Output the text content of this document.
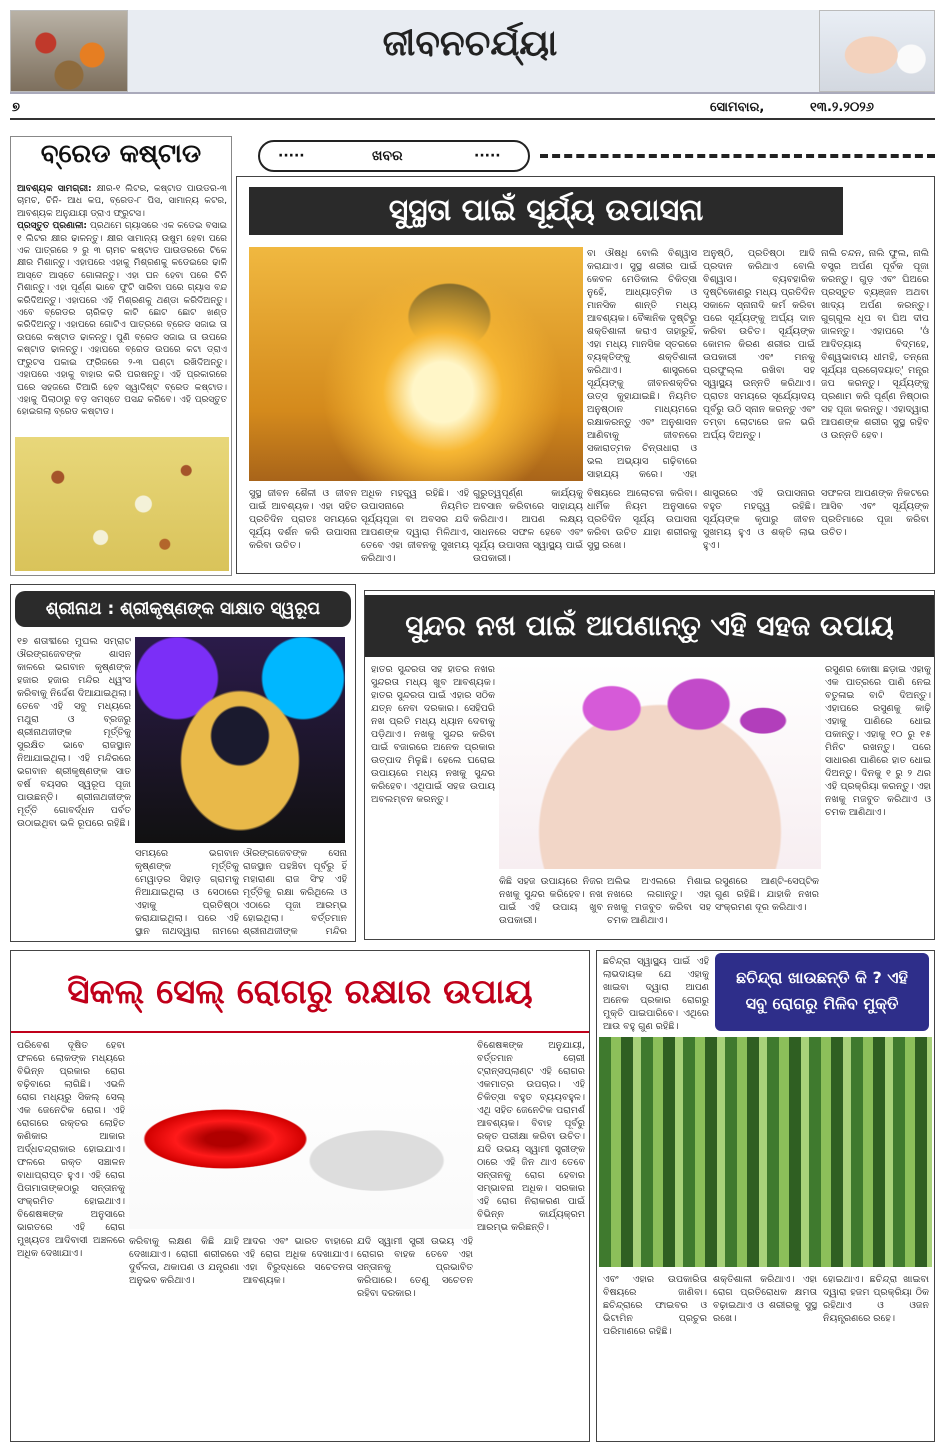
ଜୀବନଚର୍ଯ୍ୟା
୭	ସୋମବାର,	୧୩.୨.୨୦୨୬
ବ୍ରେଡ କଷ୍ଟାଡ
ଆବଶ୍ୟକ ସାମଗ୍ରୀ: କ୍ଷୀର-୧ ଲିଟର, କଷ୍ଟାଡ ପାଉଡର-୩ ଚାମଚ, ଚିନି- ଆଧ କପ, ବ୍ରେଡ-୮ ପିସ, ସାମାନ୍ୟ କଟର, ଆବଶ୍ୟକ ଅନୁଯାୟୀ ଡ୍ରାଏ ଫ୍ରୁଟସ।
ପ୍ରସ୍ତୁତ ପ୍ରଣାଳୀ: ପ୍ରଥମେ ଗ୍ୟାସରେ ଏକ କଡେଇ ବସାଇ ୧ ଲିଟର କ୍ଷୀର ଢାଳନ୍ତୁ। କ୍ଷୀର ସାମାନ୍ୟ ଉଷୁମ ହେବା ପରେ ଏକ ପାତ୍ରରେ ୨ ରୁ ୩ ଚାମଚ କଷ୍ଟାଡ ପାଉଡରରେ ଟିକେ କ୍ଷୀର ମିଶାନ୍ତୁ। ଏହାପରେ ଏହାକୁ ମିଶ୍ରଣକୁ କଡେଇରେ ଢାଳି ଆସ୍ତେ ଆସ୍ତେ ଗୋଳାନ୍ତୁ। ଏହା ଘନ ହେବା ପରେ ଚିନି ମିଶାନ୍ତୁ। ଏହା ପୂର୍ଣ୍ଣ ଭାବେ ଫୁଟି ସାରିବା ପରେ ଗ୍ୟାସ ବନ୍ଦ କରିଦିଅନ୍ତୁ। ଏହାପରେ ଏହି ମିଶ୍ରଣକୁ ଥଣ୍ଡା କରିଦିଅନ୍ତୁ। ଏବେ ବ୍ରେଡର ଚାରିକଡ଼ କାଟି ଛୋଟ ଛୋଟ ଖଣ୍ଡ କରିଦିଅନ୍ତୁ। ଏହାପରେ ଗୋଟିଏ ପାତ୍ରରେ ବ୍ରେଡ ସଜାଇ ତା ଉପରେ କଷ୍ଟାଡ ଢାଳନ୍ତୁ। ପୁଣି ବ୍ରେଡ ସଜାଇ ତା ଉପରେ କଷ୍ଟାଡ ଢାଳନ୍ତୁ। ଏହାପରେ ବ୍ରେଡ ଉପରେ କଟା ଡ୍ରାଏ ଫ୍ରୁଟସ ପକାଇ ଫ୍ରିଜରେ ୨-୩ ଘଣ୍ଟା ରଖିଦିଅନ୍ତୁ। ଏହାପରେ ଏହାକୁ ବାହାର କରି ପରଷନ୍ତୁ। ଏହି ପ୍ରକାରରେ ଘରେ ସହଜରେ ତିଆରି ହେବ ସ୍ୱାଦିଷ୍ଟ ବ୍ରେଡ କଷ୍ଟାଡ। ଏହାକୁ ପିଲାଠାରୁ ବଡ଼ ସମସ୍ତେ ପସନ୍ଦ କରିବେ। ଏହି ପ୍ରସ୍ତୁତ ହୋଇଗଲା ବ୍ରେଡ କଷ୍ଟାଡ।
·····	ଖବର	·····
ସୁସ୍ଥତା ପାଇଁ ସୂର୍ଯ୍ୟ ଉପାସନା
ବା ଔଷଧି ବୋଲି ବିଶ୍ୱାସ କରାଯାଏ। ସୁସ୍ଥ ଶରୀର ପାଇଁ କେବଳ ମେଡିକାଲ ଚିକିତ୍ସା ନୁହେଁ, ଆଧ୍ୟାତ୍ମିକ ଓ ମାନସିକ ଶାନ୍ତି ମଧ୍ୟ ଆବଶ୍ୟକ। ବୈଜ୍ଞାନିକ ଦୃଷ୍ଟିରୁ ଶକ୍ତିଶାଳୀ କରାଏ ତାହାରୁହିଁ, ଏହା ମଧ୍ୟ ମାନସିକ ସ୍ତରରେ ବ୍ୟକ୍ତିଙ୍କୁ ଶକ୍ତିଶାଳୀ କରିଥାଏ। ଶାସ୍ତ୍ରରେ ସୂର୍ଯ୍ୟଙ୍କୁ ଜୀବନଶକ୍ତିର ଉତ୍ସ କୁହାଯାଇଛି। ନିୟମିତ ଅନୁଷ୍ଠାନ ମାଧ୍ୟମରେ ରକ୍ଷାକରନ୍ତୁ ଏବଂ ଅନୁଶାସନ ଆଣିବାକୁ ଜୀବନରେ ସକାରାତ୍ମକ ଚିନ୍ତାଧାରା ଓ ଭଲ ଅଭ୍ୟାସ ଗଢ଼ିବାରେ ସାହାଯ୍ୟ କରେ। ଏହା
ଅନୁଷ୍ଠି, ପ୍ରତିଷ୍ଠା ଆଦି ପ୍ରଦାନ କରିଥାଏ ବୋଲି ବିଶ୍ୱାସ। ବ୍ୟବହାରିକ ଦୃଷ୍ଟିକୋଣରୁ ମଧ୍ୟ ପ୍ରତିଦିନ ସକାଳେ ସ୍ନାନାଦି କର୍ମ କରିବା ପରେ ସୂର୍ଯ୍ୟଙ୍କୁ ଅର୍ଘ୍ୟ ଦାନ କରିବା ଉଚିତ। ସୂର୍ଯ୍ୟଙ୍କ କୋମଳ କିରଣ ଶରୀର ପାଇଁ ଉପକାରୀ ଏବଂ ମନକୁ ପ୍ରଫୁଲ୍ଲ ରଖିବା ସହ ସ୍ୱାସ୍ଥ୍ୟ ଉନ୍ନତି କରିଥାଏ। ପ୍ରାତଃ ସମୟରେ ସୂର୍ଯ୍ୟୋଦୟ ପୂର୍ବରୁ ଉଠି ସ୍ନାନ କରନ୍ତୁ ଏବଂ ତମ୍ବା ଲୋଟାରେ ଜଳ ଭରି ଅର୍ଘ୍ୟ ଦିଅନ୍ତୁ।
ନାଲି ଚନ୍ଦନ, ନାଲି ଫୁଲ, ନାଲି ବସ୍ତ୍ର ଅର୍ପଣ ପୂର୍ବକ ପୂଜା କରନ୍ତୁ। ଗୁଡ଼ ଏବଂ ଘିଅରେ ପ୍ରସ୍ତୁତ ବ୍ୟଞ୍ଜନ ଅଥବା ଖାଦ୍ୟ ଅର୍ପଣ କରନ୍ତୁ। ଗୁଗ୍ଗୁଲ ଧୂପ ବା ଘିଅ ଦୀପ ଜାଳନ୍ତୁ। ଏହାପରେ 'ଓଁ ଆଦିତ୍ୟାୟ ବିଦ୍ମହେ, ବିଶ୍ୱଭାବାୟ ଧୀମହି, ତନ୍ନୋ ସୂର୍ଯ୍ୟଃ ପ୍ରଚୋଦୟାତ୍' ମନ୍ତ୍ର ଜପ କରନ୍ତୁ। ସୂର୍ଯ୍ୟଙ୍କୁ ପ୍ରଣାମ କରି ପୂର୍ଣ୍ଣ ନିଷ୍ଠାର ସହ ପୂଜା କରନ୍ତୁ। ଏହାଦ୍ୱାରା ଆପଣଙ୍କ ଶରୀର ସୁସ୍ଥ ରହିବ ଓ ଉନ୍ନତି ହେବ।
ସୁସ୍ଥ ଜୀବନ ଶୈଳୀ ଓ ଜୀବନ ପାଇଁ ଆବଶ୍ୟକ। ଏହା ସହିତ ପ୍ରତିଦିନ ପ୍ରାତଃ ସମୟରେ ସୂର୍ଯ୍ୟ ଦର୍ଶନ କରି ଉପାସନା କରିବା ଉଚିତ।
ଅଧିକ ମହତ୍ତ୍ୱ ରହିଛି। ଏହି ଉପାସନାରେ ନିୟମିତ ସୂର୍ଯ୍ୟପୂଜା ବା ଅବସର ଯଦି ଆପଣଙ୍କ ଦ୍ୱାରା ମିଳିଥାଏ, ତେବେ ଏହା ଜୀବନକୁ ସୁଖମୟ କରିଥାଏ।
ଗୁରୁତ୍ୱପୂର୍ଣ୍ଣ କାର୍ଯ୍ୟକୁ ଅବସାନ କରିବାରେ ସାହାଯ୍ୟ କରିଥାଏ। ଆପଣ ଲକ୍ଷ୍ୟ ସାଧନରେ ସଫଳ ହେବେ ଏବଂ ସୂର୍ଯ୍ୟ ଉପାସନା ସ୍ୱାସ୍ଥ୍ୟ ପାଇଁ ଉପକାରୀ।
ବିଷୟରେ ଆଲୋଚନା କରିବା। ଧାର୍ମିକ ନିୟମ ଅନୁସାରେ ପ୍ରତିଦିନ ସୂର୍ଯ୍ୟ ଉପାସନା କରିବା ଉଚିତ ଯାହା ଶରୀରକୁ ସୁସ୍ଥ ରଖେ।
ଶାସ୍ତ୍ରରେ ଏହି ଉପାସନାର ବହୁତ ମହତ୍ତ୍ୱ ରହିଛି। ସୂର୍ଯ୍ୟଙ୍କ କୃପାରୁ ଜୀବନ ସୁଖମୟ ହୁଏ ଓ ଶକ୍ତି ଲାଭ ହୁଏ।
ସଫଳତା ଆପଣଙ୍କ ନିକଟରେ ଆସିବ ଏବଂ ସୂର୍ଯ୍ୟଙ୍କ ପ୍ରତିମାରେ ପୂଜା କରିବା ଉଚିତ।
ଶ୍ରୀନାଥ : ଶ୍ରୀକୃଷ୍ଣଙ୍କ ସାକ୍ଷାତ ସ୍ୱରୂପ
୧୭ ଶତାବ୍ଦୀରେ ମୁଘଲ ସମ୍ରାଟ ଔରଙ୍ଗଜେବଙ୍କ ଶାସନ କାଳରେ ଭଗବାନ କୃଷ୍ଣଙ୍କ ହଜାର ହଜାର ମନ୍ଦିର ଧ୍ୱଂସ କରିବାକୁ ନିର୍ଦ୍ଦେଶ ଦିଆଯାଇଥିଲା। ତେବେ ଏହି ସବୁ ମଧ୍ୟରେ ମଥୁରା ଓ ବ୍ରଜରୁ ଶ୍ରୀନାଥଜୀଙ୍କ ମୂର୍ତ୍ତିକୁ ସୁରକ୍ଷିତ ଭାବେ ରାଜସ୍ଥାନ ନିଆଯାଇଥିଲା। ଏହି ମନ୍ଦିରରେ ଭଗବାନ ଶ୍ରୀକୃଷ୍ଣଙ୍କ ସାତ ବର୍ଷ ବୟସର ସ୍ୱରୂପ ପୂଜା ପାଉଛନ୍ତି। ଶ୍ରୀନାଥଜୀଙ୍କ ମୂର୍ତ୍ତି ଗୋବର୍ଦ୍ଧନ ପର୍ବତ ଉଠାଇଥିବା ଭଳି ରୂପରେ ରହିଛି।
ସମୟରେ ଭଗବାନ କୃଷ୍ଣଙ୍କ ମୂର୍ତ୍ତିକୁ ମେୱାଡ଼ର ସିହାଡ଼ ଗ୍ରାମକୁ ନିଆଯାଇଥିଲା ଓ ସେଠାରେ ଏହାକୁ ପ୍ରତିଷ୍ଠା କରାଯାଇଥିଲା। ପରେ ଏହି ସ୍ଥାନ ନାଥଦ୍ୱାରା ନାମରେ
ଔରଙ୍ଗଜେବଙ୍କ ସେନା ରାଜସ୍ଥାନ ପହଞ୍ଚିବା ପୂର୍ବରୁ ହିଁ ମହାରାଣା ରାଜ ସିଂହ ଏହି ମୂର୍ତ୍ତିକୁ ରକ୍ଷା କରିଥିଲେ ଓ ଏଠାରେ ପୂଜା ଆରମ୍ଭ ହୋଇଥିଲା। ବର୍ତ୍ତମାନ ଶ୍ରୀନାଥଜୀଙ୍କ ମନ୍ଦିର
ସୁନ୍ଦର ନଖ ପାଇଁ ଆପଣାନ୍ତୁ ଏହି ସହଜ ଉପାୟ
ହାତର ସୁନ୍ଦରତା ସହ ହାତର ନଖର ସୁନ୍ଦରତା ମଧ୍ୟ ଖୁବ ଆବଶ୍ୟକ। ହାତର ସୁନ୍ଦରତା ପାଇଁ ଏହାର ସଠିକ ଯତ୍ନ ନେବା ଦରକାର। ସେହିପରି ନଖ ପ୍ରତି ମଧ୍ୟ ଧ୍ୟାନ ଦେବାକୁ ପଡ଼ିଥାଏ। ନଖକୁ ସୁନ୍ଦର କରିବା ପାଇଁ ବଜାରରେ ଅନେକ ପ୍ରକାର ଉତ୍ପାଦ ମିଳୁଛି। ହେଲେ ଘରୋଇ ଉପାୟରେ ମଧ୍ୟ ନଖକୁ ସୁନ୍ଦର କରିହେବ। ଏଥିପାଇଁ ସହଜ ଉପାୟ ଅବଲମ୍ବନ କରନ୍ତୁ।
ରସୁଣର କୋଷା ଛଡ଼ାଇ ଏହାକୁ ଏକ ପାତ୍ରରେ ପାଣି ନେଇ ବତୁଳାଇ ବାଟି ଦିଅନ୍ତୁ। ଏହାପରେ ରସୁଣକୁ କାଢ଼ି ଏହାକୁ ପାଣିରେ ଧୋଇ ପକାନ୍ତୁ। ଏହାକୁ ୧୦ ରୁ ୧୫ ମିନିଟ ରଖନ୍ତୁ। ପରେ ସାଧାରଣ ପାଣିରେ ହାତ ଧୋଇ ଦିଅନ୍ତୁ। ଦିନକୁ ୧ ରୁ ୨ ଥର ଏହି ପ୍ରକ୍ରିୟା କରନ୍ତୁ। ଏହା ନଖକୁ ମଜବୁତ କରିଥାଏ ଓ ଚମକ ଆଣିଥାଏ।
କିଛି ସହଜ ଉପାୟରେ ନିଜର ନଖକୁ ସୁନ୍ଦର କରିହେବ। ନଖ ପାଇଁ ଏହି ଉପାୟ ଖୁବ ଉପକାରୀ।
ଅଲିଭ ଅଏଲରେ ମିଶାଇ ନଖରେ ଲଗାନ୍ତୁ। ଏହା ନଖକୁ ମଜବୁତ କରିବା ସହ ଚମକ ଆଣିଥାଏ।
ରସୁଣରେ ଆଣ୍ଟି-ସେପ୍ଟିକ ଗୁଣ ରହିଛି। ଯାହାକି ନଖର ସଂକ୍ରମଣ ଦୂର କରିଥାଏ।
ସିକଲ୍ ସେଲ୍ ରୋଗରୁ ରକ୍ଷାର ଉପାୟ
ପରିବେଶ ଦୂଷିତ ହେବା ଫଳରେ ଲୋକଙ୍କ ମଧ୍ୟରେ ବିଭିନ୍ନ ପ୍ରକାର ରୋଗ ବଢ଼ିବାରେ ଲାଗିଛି। ଏଭଳି ରୋଗ ମଧ୍ୟରୁ ସିକଲ୍ ସେଲ୍ ଏକ ଜେନେଟିକ ରୋଗ। ଏହି ରୋଗରେ ରକ୍ତର ଲୋହିତ କଣିକାର ଆକାର ଅର୍ଦ୍ଧଚନ୍ଦ୍ରାକାର ହୋଇଯାଏ। ଫଳରେ ରକ୍ତ ସଞ୍ଚାଳନ ବାଧାପ୍ରାପ୍ତ ହୁଏ। ଏହି ରୋଗ ପିତାମାତାଙ୍କଠାରୁ ସନ୍ତାନକୁ ସଂକ୍ରମିତ ହୋଇଥାଏ। ବିଶେଷଜ୍ଞଙ୍କ ଅନୁସାରେ ଭାରତରେ ଏହି ରୋଗ ମୁଖ୍ୟତଃ ଆଦିବାସୀ ଅଞ୍ଚଳରେ ଅଧିକ ଦେଖାଯାଏ।
ବିଶେଷଜ୍ଞଙ୍କ ଅନୁଯାୟୀ, ବର୍ତ୍ତମାନ ଚୋରୀ ଟ୍ରାନ୍ସପ୍ଲାଣ୍ଟ ଏହି ରୋଗର ଏକମାତ୍ର ଉପଚାର। ଏହି ଚିକିତ୍ସା ବହୁତ ବ୍ୟୟବହୁଳ। ଏଥି ସହିତ ଜେନେଟିକ ପରାମର୍ଶ ଆବଶ୍ୟକ। ବିବାହ ପୂର୍ବରୁ ରକ୍ତ ପରୀକ୍ଷା କରିବା ଉଚିତ। ଯଦି ଉଭୟ ସ୍ୱାମୀ ସ୍ତ୍ରୀଙ୍କ ଠାରେ ଏହି ଜିନ ଥାଏ ତେବେ ସନ୍ତାନକୁ ରୋଗ ହେବାର ସମ୍ଭାବନା ଅଧିକ। ସରକାର ଏହି ରୋଗ ନିରାକରଣ ପାଇଁ ବିଭିନ୍ନ କାର୍ଯ୍ୟକ୍ରମ ଆରମ୍ଭ କରିଛନ୍ତି।
କରିବାକୁ ଲକ୍ଷଣ କିଛି ଯାହି ଦେଖାଯାଏ। ରୋଗୀ ଶରୀରରେ ଦୁର୍ବଳତା, ଥକାପଣ ଓ ଯନ୍ତ୍ରଣା ଅନୁଭବ କରିଥାଏ।
ଆଦର ଏବଂ ଭାରତ ବାହାରେ ଏହି ରୋଗ ଅଧିକ ଦେଖାଯାଏ। ଏହା ବିରୁଦ୍ଧରେ ସଚେତନତା ଆବଶ୍ୟକ।
ଯଦି ସ୍ୱାମୀ ସ୍ତ୍ରୀ ଉଭୟ ଏହି ରୋଗର ବାହକ ତେବେ ଏହା ସନ୍ତାନକୁ ପ୍ରଭାବିତ କରିପାରେ। ତେଣୁ ସଚେତନ ରହିବା ଦରକାର।
ଛଚିନ୍ଦ୍ରା ସ୍ୱାସ୍ଥ୍ୟ ପାଇଁ ଏହି ଲାଭଦାୟକ ଯେ ଏହାକୁ ଖାଇବା ଦ୍ୱାରା ଆପଣ ଅନେକ ପ୍ରକାର ରୋଗରୁ ମୁକ୍ତି ପାଇପାରିବେ। ଏଥିରେ ଆଉ ବହୁ ଗୁଣ ରହିଛି।
ଛଚିନ୍ଦ୍ରା ଖାଉଛନ୍ତି କି ? ଏହି ସବୁ ରୋଗରୁ ମିଳିବ ମୁକ୍ତି
ଏବଂ ଏହାର ଉପକାରିତା ବିଷୟରେ ଜାଣିବା। ଛଚିନ୍ଦ୍ରାରେ ଫାଇବର ଓ ଭିଟାମିନ ପ୍ରଚୁର ପରିମାଣରେ ରହିଛି।
ଶକ୍ତିଶାଳୀ କରିଥାଏ। ଏହା ରୋଗ ପ୍ରତିରୋଧକ କ୍ଷମତା ବଢ଼ାଇଥାଏ ଓ ଶରୀରକୁ ସୁସ୍ଥ ରଖେ।
ହୋଇଥାଏ। ଛଚିନ୍ଦ୍ରା ଖାଇବା ଦ୍ୱାରା ହଜମ ପ୍ରକ୍ରିୟା ଠିକ ରହିଥାଏ ଓ ଓଜନ ନିୟନ୍ତ୍ରଣରେ ରହେ।
